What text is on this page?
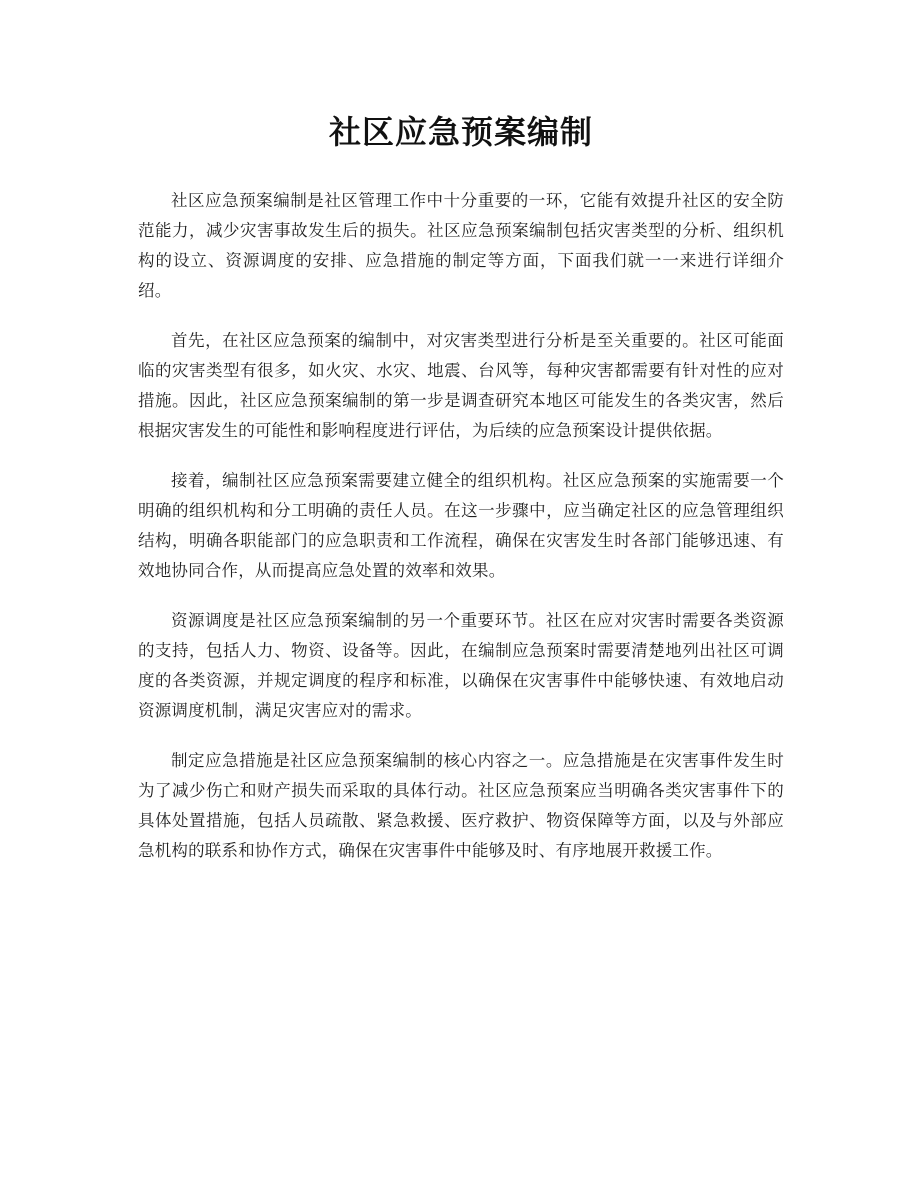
社区应急预案编制

社区应急预案编制是社区管理工作中十分重要的一环，它能有效提升社区的安全防范能力，减少灾害事故发生后的损失。社区应急预案编制包括灾害类型的分析、组织机构的设立、资源调度的安排、应急措施的制定等方面，下面我们就一一来进行详细介绍。

首先，在社区应急预案的编制中，对灾害类型进行分析是至关重要的。社区可能面临的灾害类型有很多，如火灾、水灾、地震、台风等，每种灾害都需要有针对性的应对措施。因此，社区应急预案编制的第一步是调查研究本地区可能发生的各类灾害，然后根据灾害发生的可能性和影响程度进行评估，为后续的应急预案设计提供依据。

接着，编制社区应急预案需要建立健全的组织机构。社区应急预案的实施需要一个明确的组织机构和分工明确的责任人员。在这一步骤中，应当确定社区的应急管理组织结构，明确各职能部门的应急职责和工作流程，确保在灾害发生时各部门能够迅速、有效地协同合作，从而提高应急处置的效率和效果。

资源调度是社区应急预案编制的另一个重要环节。社区在应对灾害时需要各类资源的支持，包括人力、物资、设备等。因此，在编制应急预案时需要清楚地列出社区可调度的各类资源，并规定调度的程序和标准，以确保在灾害事件中能够快速、有效地启动资源调度机制，满足灾害应对的需求。

制定应急措施是社区应急预案编制的核心内容之一。应急措施是在灾害事件发生时为了减少伤亡和财产损失而采取的具体行动。社区应急预案应当明确各类灾害事件下的具体处置措施，包括人员疏散、紧急救援、医疗救护、物资保障等方面，以及与外部应急机构的联系和协作方式，确保在灾害事件中能够及时、有序地展开救援工作。
